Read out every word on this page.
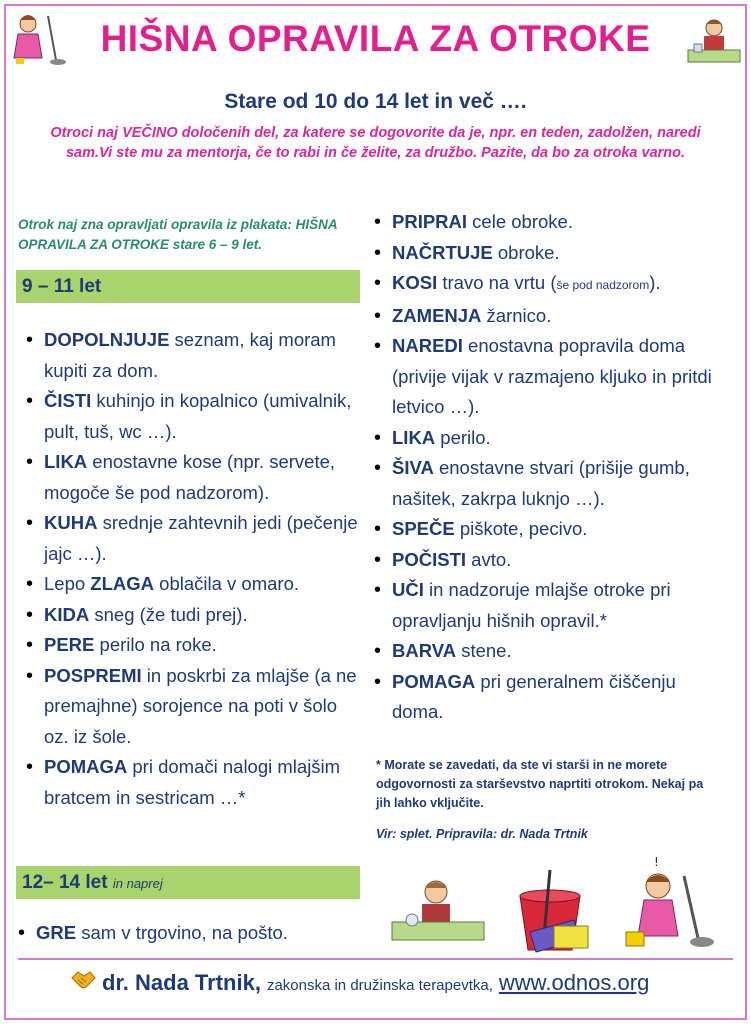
HIŠNA OPRAVILA ZA OTROKE
Stare od 10 do 14 let in več ….
Otroci naj VEČINO določenih del, za katere se dogovorite da je, npr. en teden, zadolžen, naredi sam.Vi ste mu za mentorja, če to rabi in če želite, za družbo. Pazite, da bo za otroka varno.
Otrok naj zna opravljati opravila iz plakata: HIŠNA OPRAVILA ZA OTROKE stare 6 – 9 let.
9 – 11 let
• DOPOLNJUJE seznam, kaj moram kupiti za dom.
• ČISTI kuhinjo in kopalnico (umivalnik, pult, tuš, wc …).
• LIKA enostavne kose (npr. servete, mogoče še pod nadzorom).
• KUHA srednje zahtevnih jedi (pečenje jajc …).
• Lepo ZLAGA oblačila v omaro.
• KIDA sneg (že tudi prej).
• PERE perilo na roke.
• POSPREMI in poskrbi za mlajše (a ne premajhne) sorojence na poti v šolo oz. iz šole.
• POMAGA pri domači nalogi mlajšim bratcem in sestricam …*
12– 14 let in naprej
• GRE sam v trgovino, na pošto.
• PRIPRAI cele obroke.
• NAČRTUJE obroke.
• KOSI travo na vrtu (še pod nadzorom).
• ZAMENJA žarnico.
• NAREDI enostavna popravila doma (privije vijak v razmajeno kljuko in pritdi letvico …).
• LIKA perilo.
• ŠIVA enostavne stvari (prišije gumb, našitek, zakrpa luknjo …).
• SPEČE piškote, pecivo.
• POČISTI avto.
• UČI in nadzoruje mlajše otroke pri opravljanju hišnih opravil.*
• BARVA stene.
• POMAGA pri generalnem čiščenju doma.
* Morate se zavedati, da ste vi starši in ne morete odgovornosti za starševstvo naprtiti otrokom. Nekaj pa jih lahko vključite.
Vir: splet. Pripravila: dr. Nada Trtnik
!
dr. Nada Trtnik, zakonska in družinska terapevtka, www.odnos.org
